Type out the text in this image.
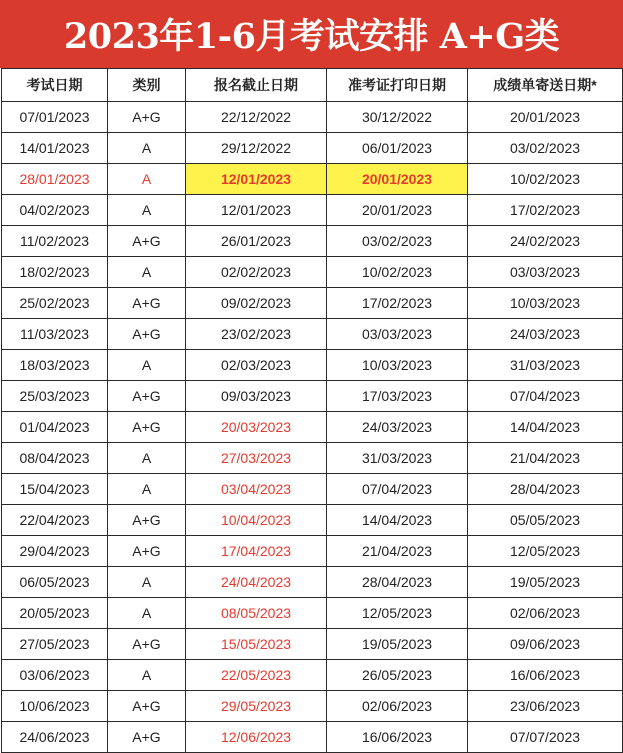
2023年1-6月考试安排 A+G类
考试日期	类别	报名截止日期	准考证打印日期	成绩单寄送日期*
07/01/2023	A+G	22/12/2022	30/12/2022	20/01/2023
14/01/2023	A	29/12/2022	06/01/2023	03/02/2023
28/01/2023	A	12/01/2023	20/01/2023	10/02/2023
04/02/2023	A	12/01/2023	20/01/2023	17/02/2023
11/02/2023	A+G	26/01/2023	03/02/2023	24/02/2023
18/02/2023	A	02/02/2023	10/02/2023	03/03/2023
25/02/2023	A+G	09/02/2023	17/02/2023	10/03/2023
11/03/2023	A+G	23/02/2023	03/03/2023	24/03/2023
18/03/2023	A	02/03/2023	10/03/2023	31/03/2023
25/03/2023	A+G	09/03/2023	17/03/2023	07/04/2023
01/04/2023	A+G	20/03/2023	24/03/2023	14/04/2023
08/04/2023	A	27/03/2023	31/03/2023	21/04/2023
15/04/2023	A	03/04/2023	07/04/2023	28/04/2023
22/04/2023	A+G	10/04/2023	14/04/2023	05/05/2023
29/04/2023	A+G	17/04/2023	21/04/2023	12/05/2023
06/05/2023	A	24/04/2023	28/04/2023	19/05/2023
20/05/2023	A	08/05/2023	12/05/2023	02/06/2023
27/05/2023	A+G	15/05/2023	19/05/2023	09/06/2023
03/06/2023	A	22/05/2023	26/05/2023	16/06/2023
10/06/2023	A+G	29/05/2023	02/06/2023	23/06/2023
24/06/2023	A+G	12/06/2023	16/06/2023	07/07/2023
